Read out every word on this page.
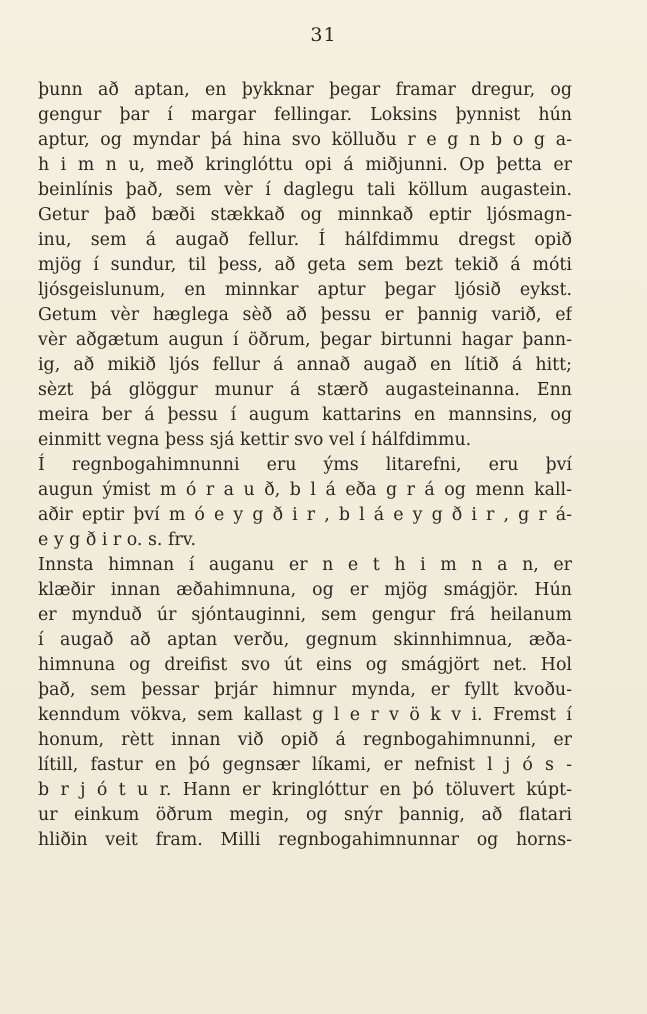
31
þunn að aptan, en þykknar þegar framar dregur, og
gengur þar í margar fellingar. Loksins þynnist hún
aptur, og myndar þá hina svo kölluðu r e g n b o g a-
h i m n u, með kringlóttu opi á miðjunni. Op þetta er
beinlínis það, sem vèr í daglegu tali köllum augastein.
Getur það bæði stækkað og minnkað eptir ljósmagn-
inu, sem á augað fellur. Í hálfdimmu dregst opið
mjög í sundur, til þess, að geta sem bezt tekið á móti
ljósgeislunum, en minnkar aptur þegar ljósið eykst.
Getum vèr hæglega sèð að þessu er þannig varið, ef
vèr aðgætum augun í öðrum, þegar birtunni hagar þann-
ig, að mikið ljós fellur á annað augað en lítið á hitt;
sèzt þá glöggur munur á stærð augasteinanna. Enn
meira ber á þessu í augum kattarins en mannsins, og
einmitt vegna þess sjá kettir svo vel í hálfdimmu.
Í regnbogahimnunni eru ýms litarefni, eru því
augun ýmist m ó r a u ð, b l á eða g r á og menn kall-
aðir eptir því m ó e y g ð i r , b l á e y g ð i r , g r á-
e y g ð i r o. s. frv.
Innsta himnan í auganu er n e t h i m n a n, er
klæðir innan æðahimnuna, og er mjög smágjör. Hún
er mynduð úr sjóntauginni, sem gengur frá heilanum
í augað að aptan verðu, gegnum skinnhimnua, æða-
himnuna og dreifist svo út eins og smágjört net. Hol
það, sem þessar þrjár himnur mynda, er fyllt kvoðu-
kenndum vökva, sem kallast g l e r v ö k v i. Fremst í
honum, rètt innan við opið á regnbogahimnunni, er
lítill, fastur en þó gegnsær líkami, er nefnist l j ó s -
b r j ó t u r. Hann er kringlóttur en þó töluvert kúpt-
ur einkum öðrum megin, og snýr þannig, að flatari
hliðin veit fram. Milli regnbogahimnunnar og horns-
